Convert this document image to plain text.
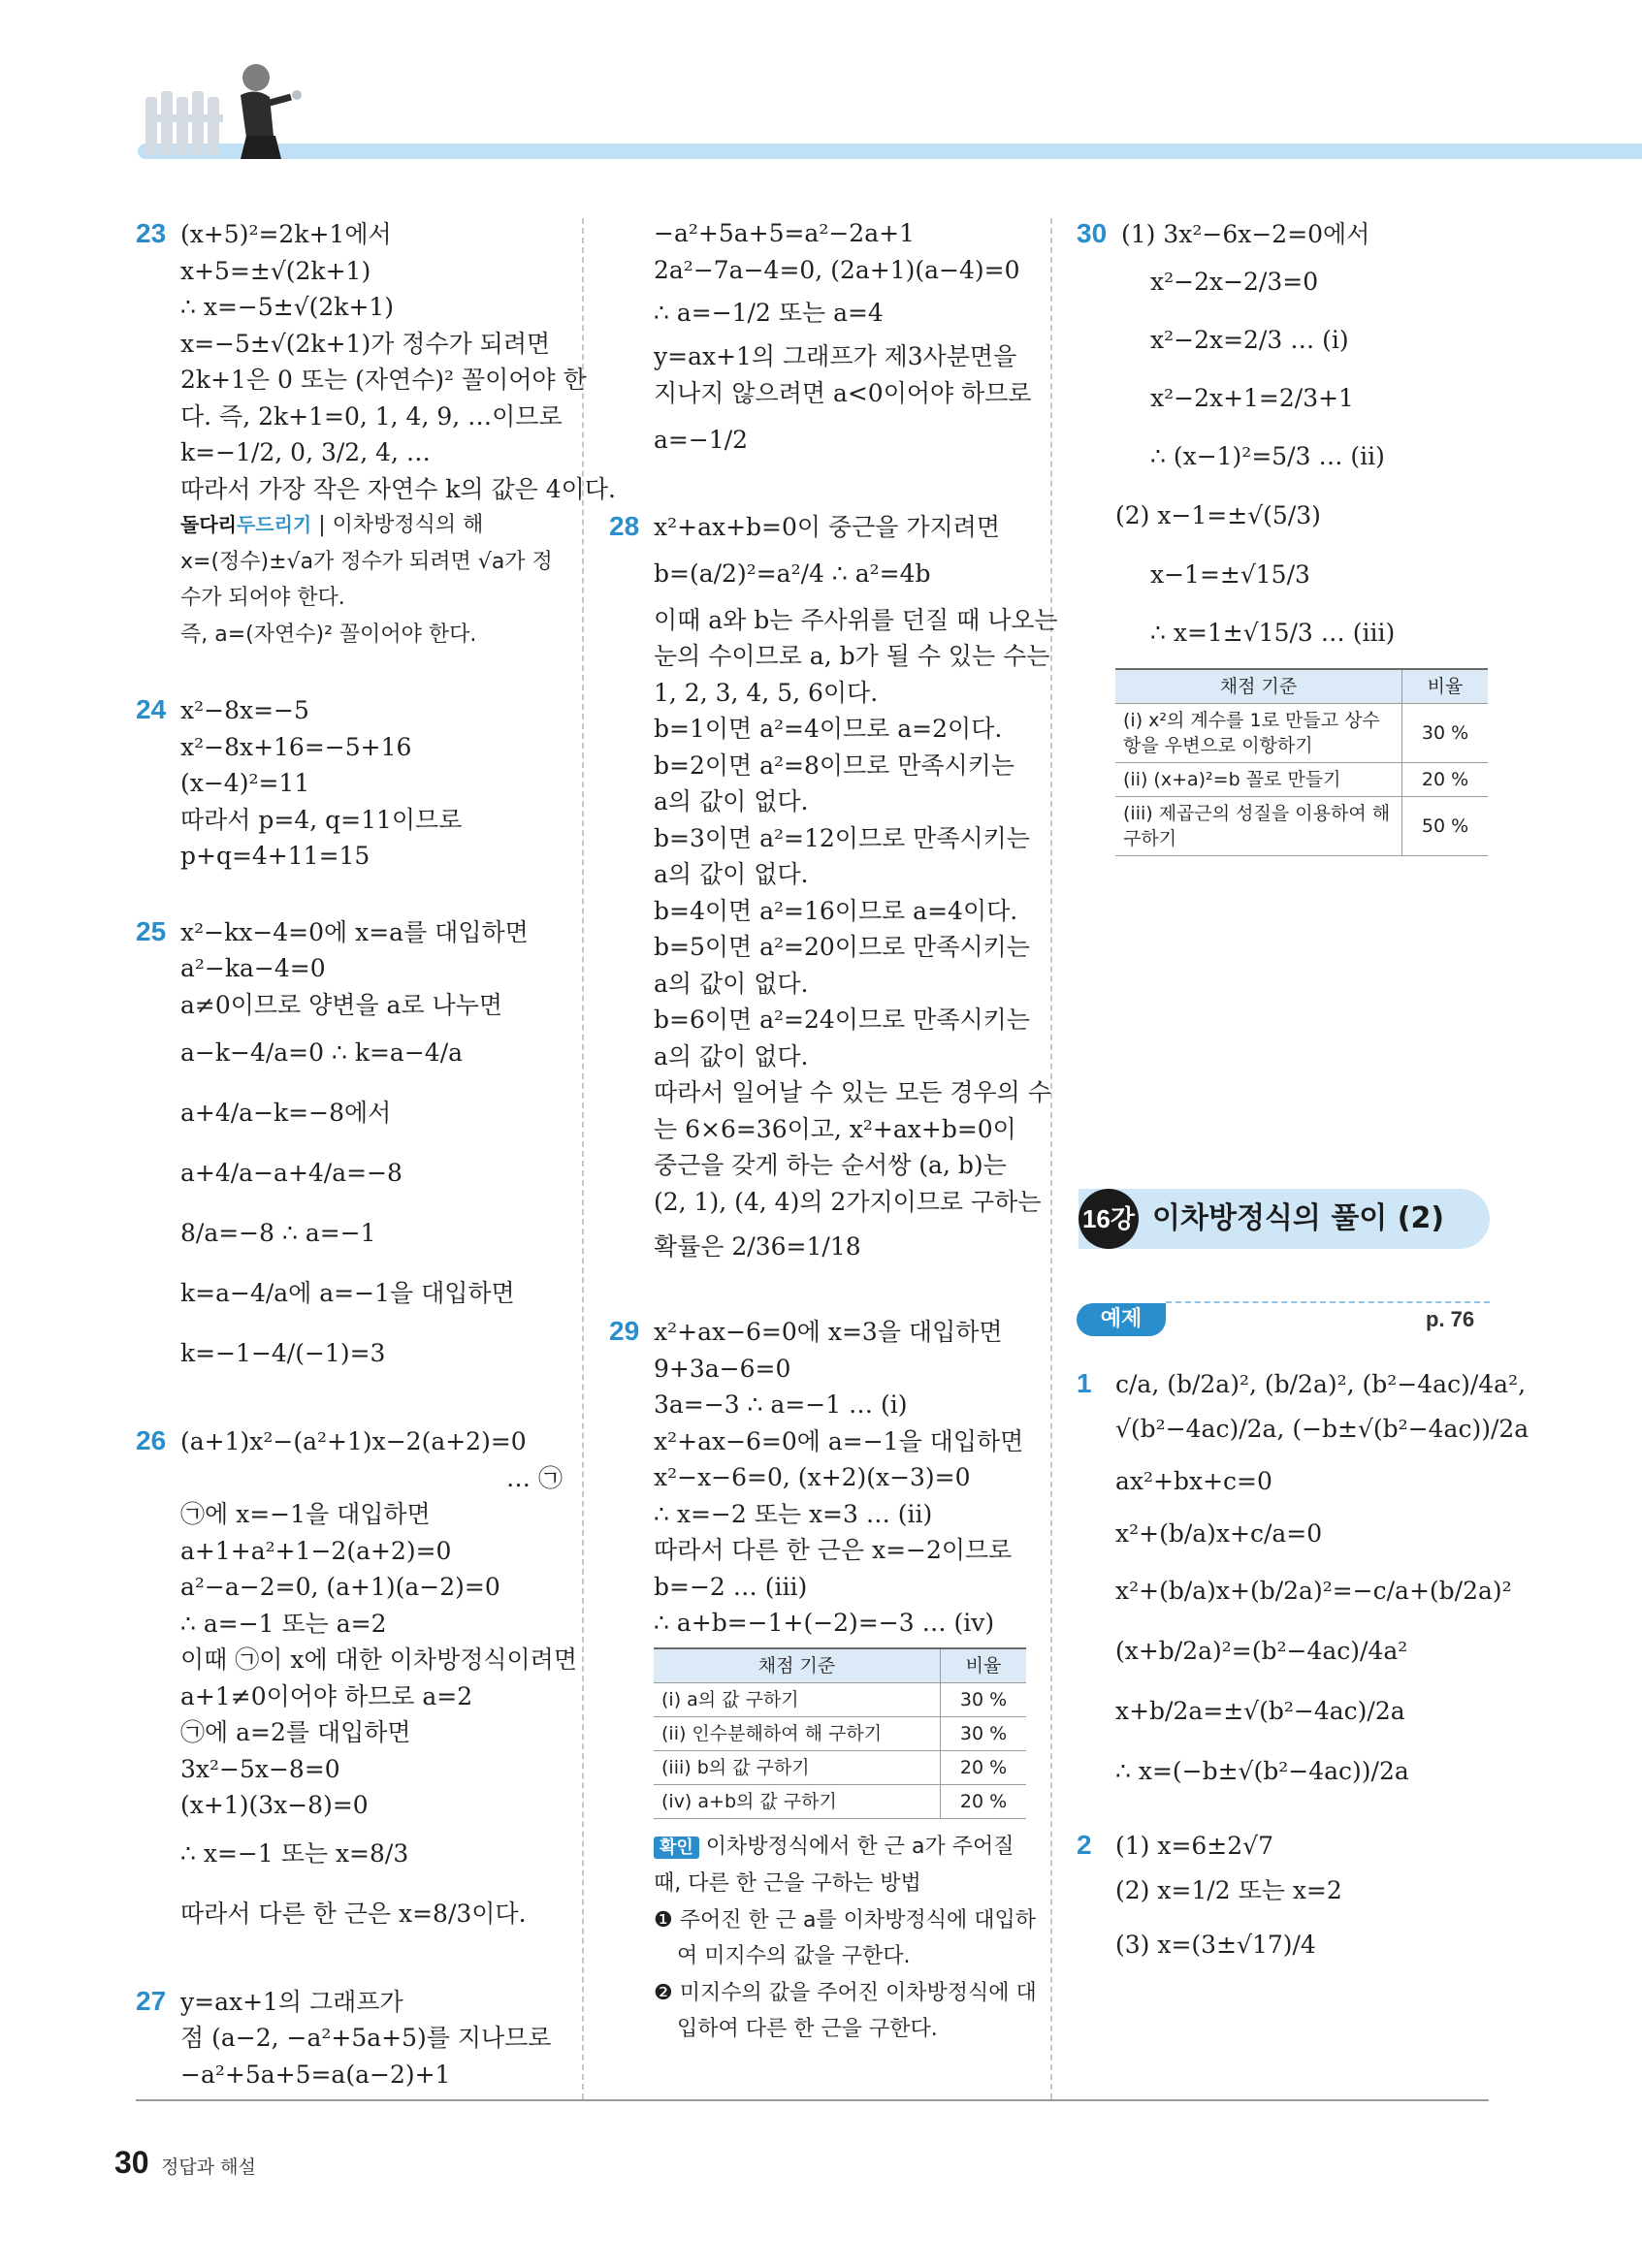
23 (x+5)²=2k+1에서
x+5=±√(2k+1)
∴ x=−5±√(2k+1)
x=−5±√(2k+1)가 정수가 되려면
2k+1은 0 또는 (자연수)² 꼴이어야 한
다. 즉, 2k+1=0, 1, 4, 9, …이므로
k=−1/2, 0, 3/2, 4, …
따라서 가장 작은 자연수 k의 값은 4이다.
돌다리두드리기 | 이차방정식의 해
x=(정수)±√a가 정수가 되려면 √a가 정
수가 되어야 한다.
즉, a=(자연수)² 꼴이어야 한다.
24 x²−8x=−5
x²−8x+16=−5+16
(x−4)²=11
따라서 p=4, q=11이므로
p+q=4+11=15
25 x²−kx−4=0에 x=a를 대입하면
a²−ka−4=0
a≠0이므로 양변을 a로 나누면
a−k−4/a=0 ∴ k=a−4/a
a+4/a−k=−8에서
a+4/a−a+4/a=−8
8/a=−8 ∴ a=−1
k=a−4/a에 a=−1을 대입하면
k=−1−4/(−1)=3
26 (a+1)x²−(a²+1)x−2(a+2)=0
… ㉠
㉠에 x=−1을 대입하면
a+1+a²+1−2(a+2)=0
a²−a−2=0, (a+1)(a−2)=0
∴ a=−1 또는 a=2
이때 ㉠이 x에 대한 이차방정식이려면
a+1≠0이어야 하므로 a=2
㉠에 a=2를 대입하면
3x²−5x−8=0
(x+1)(3x−8)=0
∴ x=−1 또는 x=8/3
따라서 다른 한 근은 x=8/3이다.
27 y=ax+1의 그래프가
점 (a−2, −a²+5a+5)를 지나므로
−a²+5a+5=a(a−2)+1
−a²+5a+5=a²−2a+1
2a²−7a−4=0, (2a+1)(a−4)=0
∴ a=−1/2 또는 a=4
y=ax+1의 그래프가 제3사분면을
지나지 않으려면 a<0이어야 하므로
a=−1/2
28 x²+ax+b=0이 중근을 가지려면
b=(a/2)²=a²/4 ∴ a²=4b
이때 a와 b는 주사위를 던질 때 나오는
눈의 수이므로 a, b가 될 수 있는 수는
1, 2, 3, 4, 5, 6이다.
b=1이면 a²=4이므로 a=2이다.
b=2이면 a²=8이므로 만족시키는
a의 값이 없다.
b=3이면 a²=12이므로 만족시키는
a의 값이 없다.
b=4이면 a²=16이므로 a=4이다.
b=5이면 a²=20이므로 만족시키는
a의 값이 없다.
b=6이면 a²=24이므로 만족시키는
a의 값이 없다.
따라서 일어날 수 있는 모든 경우의 수
는 6×6=36이고, x²+ax+b=0이
중근을 갖게 하는 순서쌍 (a, b)는
(2, 1), (4, 4)의 2가지이므로 구하는
확률은 2/36=1/18
29 x²+ax−6=0에 x=3을 대입하면
9+3a−6=0
3a=−3 ∴ a=−1 … (i)
x²+ax−6=0에 a=−1을 대입하면
x²−x−6=0, (x+2)(x−3)=0
∴ x=−2 또는 x=3 … (ii)
따라서 다른 한 근은 x=−2이므로
b=−2 … (iii)
∴ a+b=−1+(−2)=−3 … (iv)
채점 기준	비율
(i) a의 값 구하기	30 %
(ii) 인수분해하여 해 구하기	30 %
(iii) b의 값 구하기	20 %
(iv) a+b의 값 구하기	20 %
확인 이차방정식에서 한 근 a가 주어질
때, 다른 한 근을 구하는 방법
❶ 주어진 한 근 a를 이차방정식에 대입하
여 미지수의 값을 구한다.
❷ 미지수의 값을 주어진 이차방정식에 대
입하여 다른 한 근을 구한다.
30 (1) 3x²−6x−2=0에서
x²−2x−2/3=0
x²−2x=2/3 … (i)
x²−2x+1=2/3+1
∴ (x−1)²=5/3 … (ii)
(2) x−1=±√(5/3)
x−1=±√15/3
∴ x=1±√15/3 … (iii)
채점 기준	비율
(i) x²의 계수를 1로 만들고 상수항을 우변으로 이항하기	30 %
(ii) (x+a)²=b 꼴로 만들기	20 %
(iii) 제곱근의 성질을 이용하여 해 구하기	50 %
16강 이차방정식의 풀이 (2)
예제	p. 76
1 c/a, (b/2a)², (b/2a)², (b²−4ac)/4a²,
√(b²−4ac)/2a, (−b±√(b²−4ac))/2a
ax²+bx+c=0
x²+(b/a)x+c/a=0
x²+(b/a)x+(b/2a)²=−c/a+(b/2a)²
(x+b/2a)²=(b²−4ac)/4a²
x+b/2a=±√(b²−4ac)/2a
∴ x=(−b±√(b²−4ac))/2a
2 (1) x=6±2√7
(2) x=1/2 또는 x=2
(3) x=(3±√17)/4
30 정답과 해설
